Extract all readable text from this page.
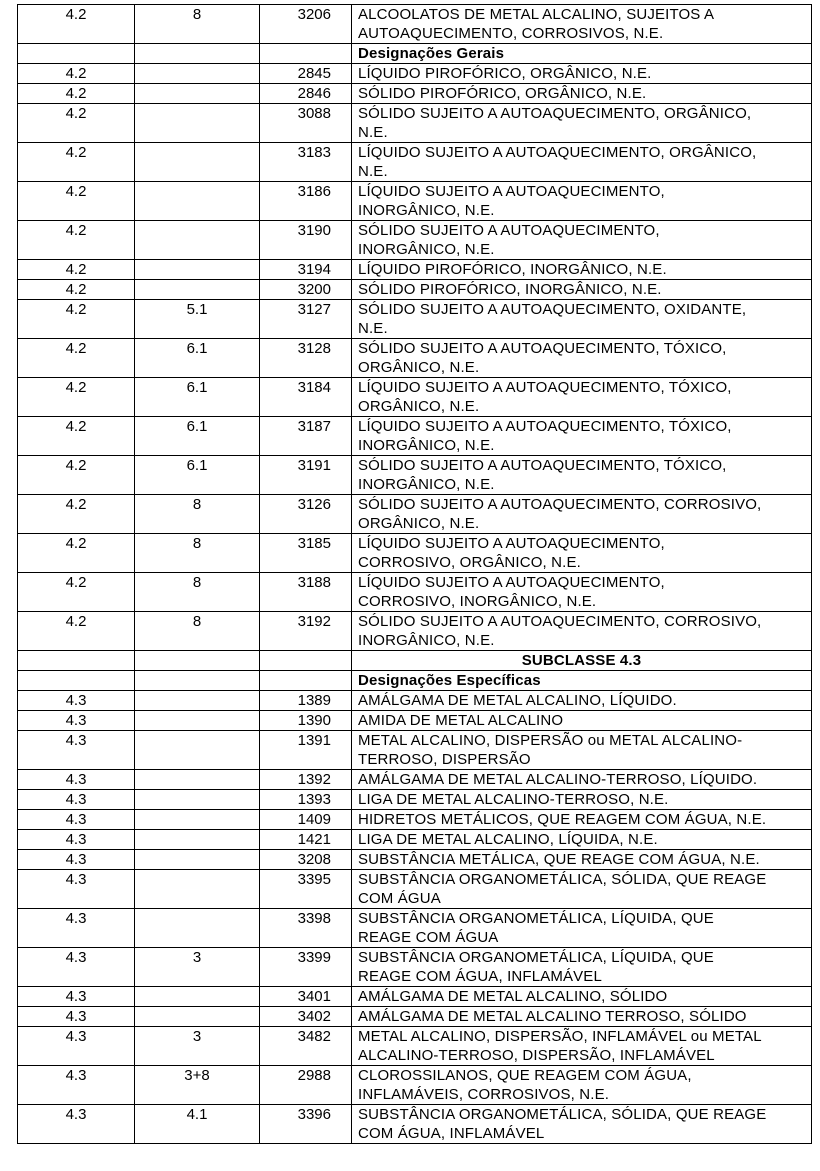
4.2	8	3206	ALCOOLATOS DE METAL ALCALINO, SUJEITOS A
AUTOAQUECIMENTO, CORROSIVOS, N.E.
			Designações Gerais
4.2		2845	LÍQUIDO PIROFÓRICO, ORGÂNICO, N.E.
4.2		2846	SÓLIDO PIROFÓRICO, ORGÂNICO, N.E.
4.2		3088	SÓLIDO SUJEITO A AUTOAQUECIMENTO, ORGÂNICO,
N.E.
4.2		3183	LÍQUIDO SUJEITO A AUTOAQUECIMENTO, ORGÂNICO,
N.E.
4.2		3186	LÍQUIDO SUJEITO A AUTOAQUECIMENTO,
INORGÂNICO, N.E.
4.2		3190	SÓLIDO SUJEITO A AUTOAQUECIMENTO,
INORGÂNICO, N.E.
4.2		3194	LÍQUIDO PIROFÓRICO, INORGÂNICO, N.E.
4.2		3200	SÓLIDO PIROFÓRICO, INORGÂNICO, N.E.
4.2	5.1	3127	SÓLIDO SUJEITO A AUTOAQUECIMENTO, OXIDANTE,
N.E.
4.2	6.1	3128	SÓLIDO SUJEITO A AUTOAQUECIMENTO, TÓXICO,
ORGÂNICO, N.E.
4.2	6.1	3184	LÍQUIDO SUJEITO A AUTOAQUECIMENTO, TÓXICO,
ORGÂNICO, N.E.
4.2	6.1	3187	LÍQUIDO SUJEITO A AUTOAQUECIMENTO, TÓXICO,
INORGÂNICO, N.E.
4.2	6.1	3191	SÓLIDO SUJEITO A AUTOAQUECIMENTO, TÓXICO,
INORGÂNICO, N.E.
4.2	8	3126	SÓLIDO SUJEITO A AUTOAQUECIMENTO, CORROSIVO,
ORGÂNICO, N.E.
4.2	8	3185	LÍQUIDO SUJEITO A AUTOAQUECIMENTO,
CORROSIVO, ORGÂNICO, N.E.
4.2	8	3188	LÍQUIDO SUJEITO A AUTOAQUECIMENTO,
CORROSIVO, INORGÂNICO, N.E.
4.2	8	3192	SÓLIDO SUJEITO A AUTOAQUECIMENTO, CORROSIVO,
INORGÂNICO, N.E.
			SUBCLASSE 4.3
			Designações Específicas
4.3		1389	AMÁLGAMA DE METAL ALCALINO, LÍQUIDO.
4.3		1390	AMIDA DE METAL ALCALINO
4.3		1391	METAL ALCALINO, DISPERSÃO ou METAL ALCALINO-
TERROSO, DISPERSÃO
4.3		1392	AMÁLGAMA DE METAL ALCALINO-TERROSO, LÍQUIDO.
4.3		1393	LIGA DE METAL ALCALINO-TERROSO, N.E.
4.3		1409	HIDRETOS METÁLICOS, QUE REAGEM COM ÁGUA, N.E.
4.3		1421	LIGA DE METAL ALCALINO, LÍQUIDA, N.E.
4.3		3208	SUBSTÂNCIA METÁLICA, QUE REAGE COM ÁGUA, N.E.
4.3		3395	SUBSTÂNCIA ORGANOMETÁLICA, SÓLIDA, QUE REAGE
COM ÁGUA
4.3		3398	SUBSTÂNCIA ORGANOMETÁLICA, LÍQUIDA, QUE
REAGE COM ÁGUA
4.3	3	3399	SUBSTÂNCIA ORGANOMETÁLICA, LÍQUIDA, QUE
REAGE COM ÁGUA, INFLAMÁVEL
4.3		3401	AMÁLGAMA DE METAL ALCALINO, SÓLIDO
4.3		3402	AMÁLGAMA DE METAL ALCALINO TERROSO, SÓLIDO
4.3	3	3482	METAL ALCALINO, DISPERSÃO, INFLAMÁVEL ou METAL
ALCALINO-TERROSO, DISPERSÃO, INFLAMÁVEL
4.3	3+8	2988	CLOROSSILANOS, QUE REAGEM COM ÁGUA,
INFLAMÁVEIS, CORROSIVOS, N.E.
4.3	4.1	3396	SUBSTÂNCIA ORGANOMETÁLICA, SÓLIDA, QUE REAGE
COM ÁGUA, INFLAMÁVEL
